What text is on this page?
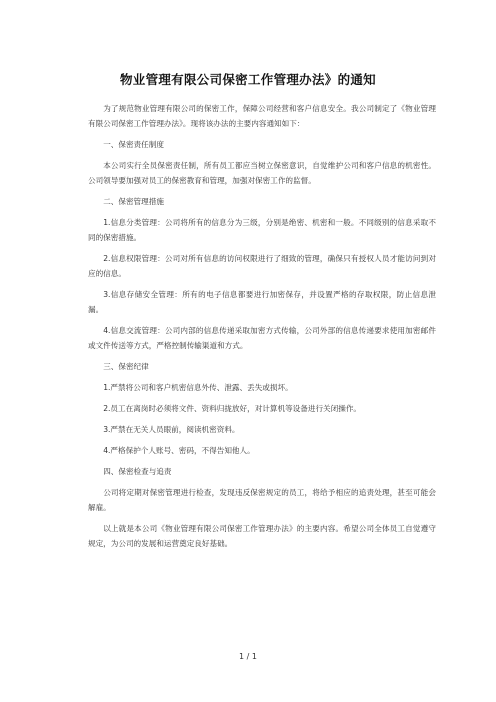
物业管理有限公司保密工作管理办法》的通知

为了规范物业管理有限公司的保密工作，保障公司经营和客户信息安全。我公司制定了《物业管理有限公司保密工作管理办法》。现将该办法的主要内容通知如下：

一、保密责任制度

本公司实行全员保密责任制，所有员工都应当树立保密意识，自觉维护公司和客户信息的机密性。公司领导要加强对员工的保密教育和管理，加强对保密工作的监督。

二、保密管理措施

1.信息分类管理：公司将所有的信息分为三级，分别是绝密、机密和一般。不同级别的信息采取不同的保密措施。

2.信息权限管理：公司对所有信息的访问权限进行了细致的管理，确保只有授权人员才能访问到对应的信息。

3.信息存储安全管理：所有的电子信息都要进行加密保存，并设置严格的存取权限，防止信息泄漏。

4.信息交流管理：公司内部的信息传递采取加密方式传输，公司外部的信息传递要求使用加密邮件或文件传送等方式，严格控制传输渠道和方式。

三、保密纪律

1.严禁将公司和客户机密信息外传、泄露、丢失或损坏。

2.员工在离岗时必须将文件、资料归拢放好，对计算机等设备进行关闭操作。

3.严禁在无关人员眼前，阅读机密资料。

4.严格保护个人账号、密码，不得告知他人。

四、保密检查与追责

公司将定期对保密管理进行检查，发现违反保密规定的员工，将给予相应的追责处理，甚至可能会解雇。

以上就是本公司《物业管理有限公司保密工作管理办法》的主要内容。希望公司全体员工自觉遵守规定，为公司的发展和运营奠定良好基础。

1 / 1
